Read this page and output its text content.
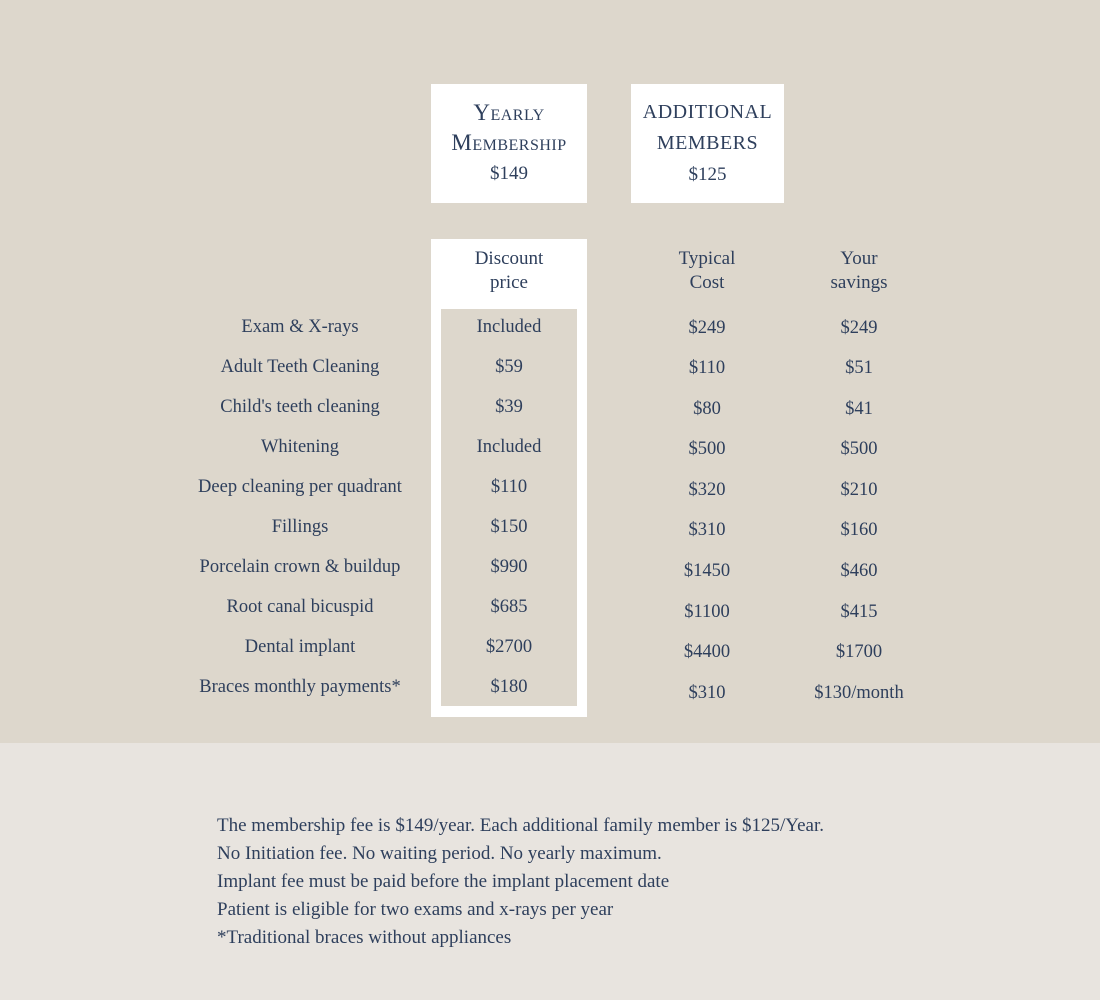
Yearly
Membership
$149
ADDITIONAL
MEMBERS
$125
Discount
price
Typical
Cost
Your
savings
Exam & X-rays	Included	$249	$249
Adult Teeth Cleaning	$59	$110	$51
Child's teeth cleaning	$39	$80	$41
Whitening	Included	$500	$500
Deep cleaning per quadrant	$110	$320	$210
Fillings	$150	$310	$160
Porcelain crown & buildup	$990	$1450	$460
Root canal bicuspid	$685	$1100	$415
Dental implant	$2700	$4400	$1700
Braces monthly payments*	$180	$310	$130/month
The membership fee is $149/year. Each additional family member is $125/Year.
No Initiation fee. No waiting period. No yearly maximum.
Implant fee must be paid before the implant placement date
Patient is eligible for two exams and x-rays per year
*Traditional braces without appliances
